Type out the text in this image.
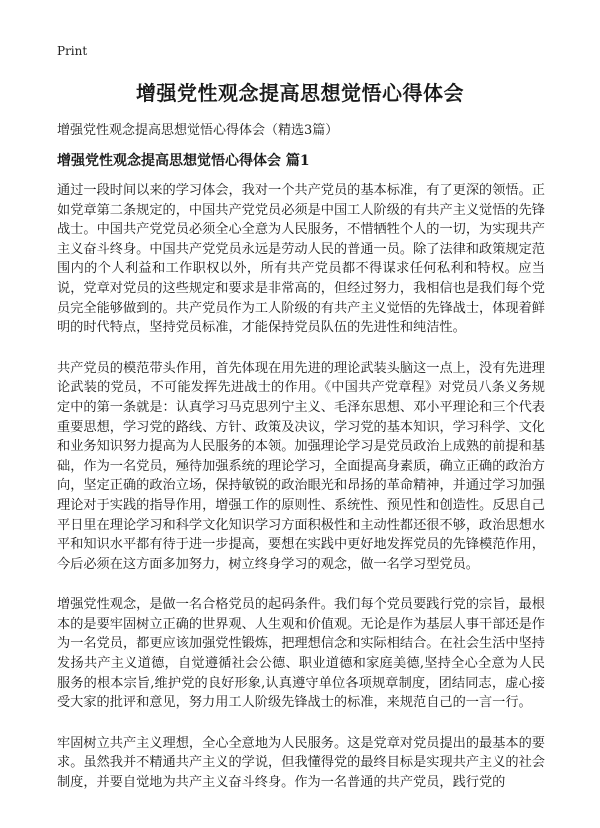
Print
增强党性观念提高思想觉悟心得体会

增强党性观念提高思想觉悟心得体会（精选3篇）

增强党性观念提高思想觉悟心得体会 篇1

通过一段时间以来的学习体会，我对一个共产党员的基本标准，有了更深的领悟。正如党章第二条规定的，中国共产党党员必须是中国工人阶级的有共产主义觉悟的先锋战士。中国共产党党员必须全心全意为人民服务，不惜牺牲个人的一切，为实现共产主义奋斗终身。中国共产党党员永远是劳动人民的普通一员。除了法律和政策规定范围内的个人利益和工作职权以外，所有共产党员都不得谋求任何私利和特权。应当说，党章对党员的这些规定和要求是非常高的，但经过努力，我相信也是我们每个党员完全能够做到的。共产党员作为工人阶级的有共产主义觉悟的先锋战士，体现着鲜明的时代特点，坚持党员标准，才能保持党员队伍的先进性和纯洁性。

共产党员的模范带头作用，首先体现在用先进的理论武装头脑这一点上，没有先进理论武装的党员，不可能发挥先进战士的作用。《中国共产党章程》对党员八条义务规定中的第一条就是：认真学习马克思列宁主义、毛泽东思想、邓小平理论和三个代表重要思想，学习党的路线、方针、政策及决议，学习党的基本知识，学习科学、文化和业务知识努力提高为人民服务的本领。加强理论学习是党员政治上成熟的前提和基础，作为一名党员，殛待加强系统的理论学习，全面提高身素质，确立正确的政治方向，坚定正确的政治立场，保持敏锐的政治眼光和昂扬的革命精神，并通过学习加强理论对于实践的指导作用，增强工作的原则性、系统性、预见性和创造性。反思自己平日里在理论学习和科学文化知识学习方面积极性和主动性都还很不够，政治思想水平和知识水平都有待于进一步提高，要想在实践中更好地发挥党员的先锋模范作用，今后必须在这方面多加努力，树立终身学习的观念，做一名学习型党员。

增强党性观念，是做一名合格党员的起码条件。我们每个党员要践行党的宗旨，最根本的是要牢固树立正确的世界观、人生观和价值观。无论是作为基层人事干部还是作为一名党员，都更应该加强党性锻炼，把理想信念和实际相结合。在社会生活中坚持发扬共产主义道德，自觉遵循社会公德、职业道德和家庭美德,坚持全心全意为人民服务的根本宗旨,维护党的良好形象,认真遵守单位各项规章制度，团结同志，虚心接受大家的批评和意见，努力用工人阶级先锋战士的标准，来规范自己的一言一行。

牢固树立共产主义理想，全心全意地为人民服务。这是党章对党员提出的最基本的要求。虽然我并不精通共产主义的学说，但我懂得党的最终目标是实现共产主义的社会制度，并要自觉地为共产主义奋斗终身。作为一名普通的共产党员，践行党的
